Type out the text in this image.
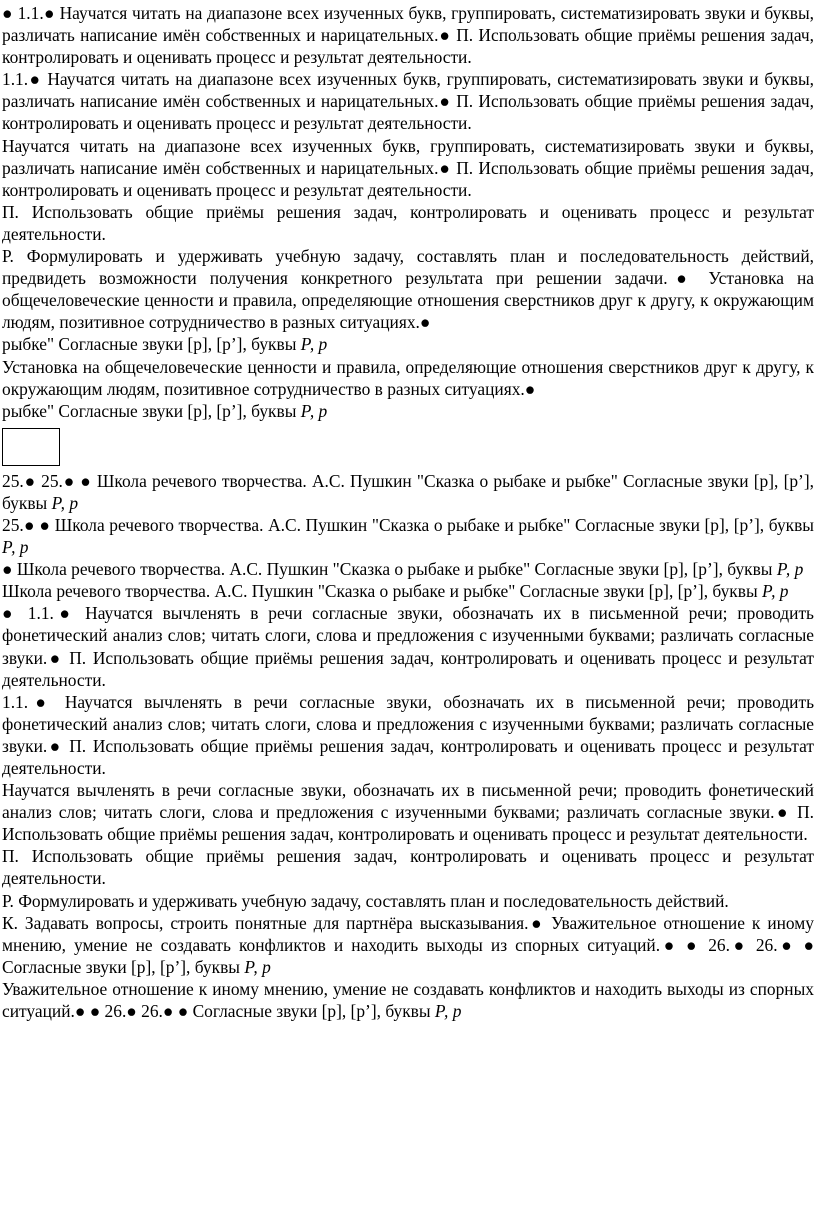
● 1.1.● Научатся читать на диапазоне всех изученных букв, группировать, систематизировать звуки и буквы, различать написание имён собственных и нарицательных.● П. Использовать общие приёмы решения задач, контролировать и оценивать процесс и результат деятельности.

1.1.● Научатся читать на диапазоне всех изученных букв, группировать, систематизировать звуки и буквы, различать написание имён собственных и нарицательных.● П. Использовать общие приёмы решения задач, контролировать и оценивать процесс и результат деятельности.

Научатся читать на диапазоне всех изученных букв, группировать, систематизировать звуки и буквы, различать написание имён собственных и нарицательных.● П. Использовать общие приёмы решения задач, контролировать и оценивать процесс и результат деятельности.

П. Использовать общие приёмы решения задач, контролировать и оценивать процесс и результат деятельности.

Р. Формулировать и удерживать учебную задачу, составлять план и последовательность действий, предвидеть возможности получения конкретного результата при решении задачи.● Установка на общечеловеческие ценности и правила, определяющие отношения сверстников друг к другу, к окружающим людям, позитивное сотрудничество в разных ситуациях.●

рыбке" Согласные звуки [р], [р’], буквы Р, р

Установка на общечеловеческие ценности и правила, определяющие отношения сверстников друг к другу, к окружающим людям, позитивное сотрудничество в разных ситуациях.●

рыбке" Согласные звуки [р], [р’], буквы Р, р

25.● 25.● ● Школа речевого творчества. А.С. Пушкин "Сказка о рыбаке и рыбке" Согласные звуки [р], [р’], буквы Р, р

25.● ● Школа речевого творчества. А.С. Пушкин "Сказка о рыбаке и рыбке" Согласные звуки [р], [р’], буквы Р, р

● Школа речевого творчества. А.С. Пушкин "Сказка о рыбаке и рыбке" Согласные звуки [р], [р’], буквы Р, р

Школа речевого творчества. А.С. Пушкин "Сказка о рыбаке и рыбке" Согласные звуки [р], [р’], буквы Р, р

● 1.1.● Научатся вычленять в речи согласные звуки, обозначать их в письменной речи; проводить фонетический анализ слов; читать слоги, слова и предложения с изученными буквами; различать согласные звуки.● П. Использовать общие приёмы решения задач, контролировать и оценивать процесс и результат деятельности.

1.1.● Научатся вычленять в речи согласные звуки, обозначать их в письменной речи; проводить фонетический анализ слов; читать слоги, слова и предложения с изученными буквами; различать согласные звуки.● П. Использовать общие приёмы решения задач, контролировать и оценивать процесс и результат деятельности.

Научатся вычленять в речи согласные звуки, обозначать их в письменной речи; проводить фонетический анализ слов; читать слоги, слова и предложения с изученными буквами; различать согласные звуки.● П. Использовать общие приёмы решения задач, контролировать и оценивать процесс и результат деятельности.

П. Использовать общие приёмы решения задач, контролировать и оценивать процесс и результат деятельности.

Р. Формулировать и удерживать учебную задачу, составлять план и последовательность действий.

К. Задавать вопросы, строить понятные для партнёра высказывания.● Уважительное отношение к иному мнению, умение не создавать конфликтов и находить выходы из спорных ситуаций.● ● 26.● 26.● ● Согласные звуки [р], [р’], буквы Р, р

Уважительное отношение к иному мнению, умение не создавать конфликтов и находить выходы из спорных ситуаций.● ● 26.● 26.● ● Согласные звуки [р], [р’], буквы Р, р
